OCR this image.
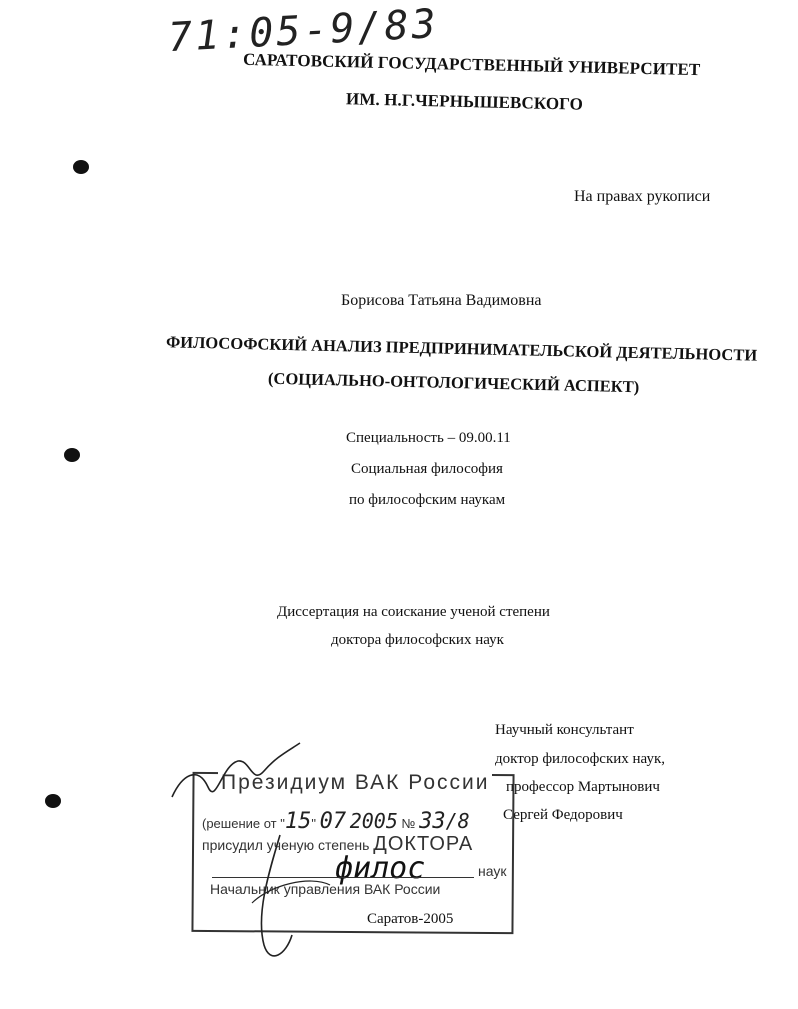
71:05-9/83
САРАТОВСКИЙ ГОСУДАРСТВЕННЫЙ УНИВЕРСИТЕТ
ИМ. Н.Г.ЧЕРНЫШЕВСКОГО
На правах рукописи
Борисова Татьяна Вадимовна
ФИЛОСОФСКИЙ АНАЛИЗ ПРЕДПРИНИМАТЕЛЬСКОЙ ДЕЯТЕЛЬНОСТИ
(СОЦИАЛЬНО-ОНТОЛОГИЧЕСКИЙ АСПЕКТ)
Специальность – 09.00.11
Социальная философия
по философским наукам
Диссертация на соискание ученой степени
доктора философских наук
Научный консультант
доктор философских наук,
профессор Мартынович
Сергей Федорович
Президиум ВАК России
(решение от "15" 07 2005 № 33/8
присудил ученую степень ДОКТОРА
филос	наук
Начальник управления ВАК России
Саратов-2005
